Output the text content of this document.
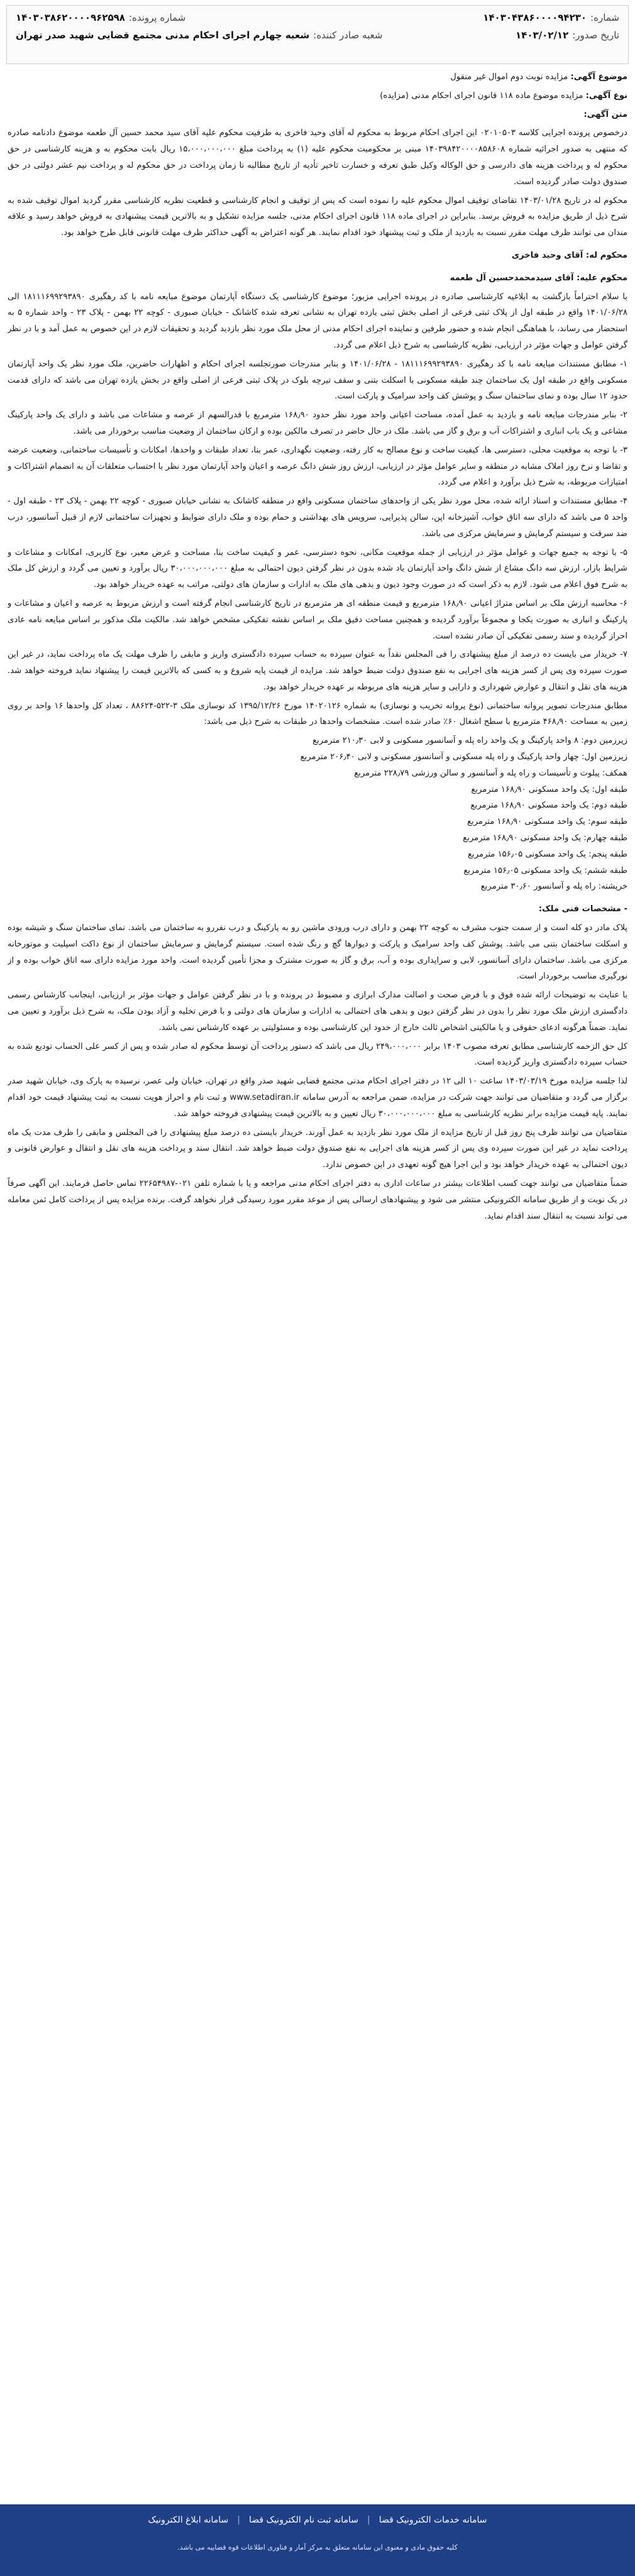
شماره:
۱۴۰۳۰۴۳۸۶۰۰۰۰۹۴۲۳۰
شماره پرونده:
۱۴۰۳۰۳۸۶۲۰۰۰۰۹۶۲۵۹۸
تاریخ صدور:
۱۴۰۳/۰۲/۱۲
شعبه صادر کننده:
شعبه چهارم اجرای احکام مدنی مجتمع قضایی شهید صدر تهران

موضوع آگهی: مزایده نوبت دوم اموال غیر منقول

نوع آگهی: مزایده موضوع ماده ۱۱۸ قانون اجرای احکام مدنی (مزایده)

متن آگهی:

درخصوص پرونده اجرایی کلاسه ۰۲۰۱۰۵۰۳ این اجرای احکام مربوط به محکوم له آقای وحید فاخری به طرفیت محکوم علیه آقای سید محمد حسین آل طعمه موضوع دادنامه صادره که منتهی به صدور اجرائیه شماره ۱۴۰۳۹۸۴۲۰۰۰۰۸۵۸۶۰۸ مبنی بر محکومیت محکوم علیه (۱) به پرداخت مبلغ ۱۵،۰۰۰،۰۰۰،۰۰۰ ریال بابت محکوم به و هزینه کارشناسی در حق محکوم له و پرداخت هزینه های دادرسی و حق الوکاله وکیل طبق تعرفه و خسارت تاخیر تأدیه از تاریخ مطالبه تا زمان پرداخت در حق محکوم له و پرداخت نیم عشر دولتی در حق صندوق دولت صادر گردیده است.

محکوم له در تاریخ ۱۴۰۳/۰۱/۲۸ تقاضای توقیف اموال محکوم علیه را نموده است که پس از توقیف و انجام کارشناسی و قطعیت نظریه کارشناسی مقرر گردید اموال توقیف شده به شرح ذیل از طریق مزایده به فروش برسد. بنابراین در اجرای ماده ۱۱۸ قانون اجرای احکام مدنی، جلسه مزایده تشکیل و به بالاترین قیمت پیشنهادی به فروش خواهد رسید و علاقه مندان می توانند ظرف مهلت مقرر نسبت به بازدید از ملک و ثبت پیشنهاد خود اقدام نمایند. هر گونه اعتراض به آگهی حداکثر ظرف مهلت قانونی قابل طرح خواهد بود.

محکوم له: آقای وحید فاخری

محکوم علیه: آقای سیدمحمدحسین آل طعمه

با سلام احتراماً بازگشت به ابلاغیه کارشناسی صادره در پرونده اجرایی مزبور؛ موضوع کارشناسی یک دستگاه آپارتمان موضوع مبایعه نامه با کد رهگیری ۱۸۱۱۱۶۹۹۲۹۳۸۹۰ الی ۱۴۰۱/۰۶/۲۸ واقع در طبقه اول از پلاک ثبتی فرعی از اصلی بخش ثبتی یازده تهران به نشانی تعرفه شده کاشانک - خیابان صبوری - کوچه ۲۲ بهمن - پلاک ۲۳ - واحد شماره ۵ به استحضار می رساند، با هماهنگی انجام شده و حضور طرفین و نماینده اجرای احکام مدنی از محل ملک مورد نظر بازدید گردید و تحقیقات لازم در این خصوص به عمل آمد و با در نظر گرفتن عوامل و جهات مؤثر در ارزیابی، نظریه کارشناسی به شرح ذیل اعلام می گردد.

۱- مطابق مستندات مبایعه نامه با کد رهگیری ۱۸۱۱۱۶۹۹۲۹۳۸۹۰ - ۱۴۰۱/۰۶/۲۸ و بنابر مندرجات صورتجلسه اجرای احکام و اظهارات حاضرین، ملک مورد نظر یک واحد آپارتمان مسکونی واقع در طبقه اول یک ساختمان چند طبقه مسکونی با اسکلت بتنی و سقف تیرچه بلوک در پلاک ثبتی فرعی از اصلی واقع در بخش یازده تهران می باشد که دارای قدمت حدود ۱۲ سال بوده و نمای ساختمان سنگ و پوشش کف واحد سرامیک و پارکت است.

۲- بنابر مندرجات مبایعه نامه و بازدید به عمل آمده، مساحت اعیانی واحد مورد نظر حدود ۱۶۸٫۹۰ مترمربع با قدرالسهم از عرصه و مشاعات می باشد و دارای یک واحد پارکینگ مشاعی و یک باب انباری و اشتراکات آب و برق و گاز می باشد. ملک در حال حاضر در تصرف مالکین بوده و ارکان ساختمان از وضعیت مناسب برخوردار می باشد.

۳- با توجه به موقعیت محلی، دسترسی ها، کیفیت ساخت و نوع مصالح به کار رفته، وضعیت نگهداری، عمر بنا، تعداد طبقات و واحدها، امکانات و تأسیسات ساختمانی، وضعیت عرضه و تقاضا و نرخ روز املاک مشابه در منطقه و سایر عوامل مؤثر در ارزیابی، ارزش روز شش دانگ عرصه و اعیان واحد آپارتمان مورد نظر با احتساب متعلقات آن به انضمام اشتراکات و امتیازات مربوطه، به شرح ذیل برآورد و اعلام می گردد.

۴- مطابق مستندات و اسناد ارائه شده، محل مورد نظر یکی از واحدهای ساختمان مسکونی واقع در منطقه کاشانک به نشانی خیابان صبوری - کوچه ۲۲ بهمن - پلاک ۲۳ - طبقه اول - واحد ۵ می باشد که دارای سه اتاق خواب، آشپزخانه اپن، سالن پذیرایی، سرویس های بهداشتی و حمام بوده و ملک دارای ضوابط و تجهیزات ساختمانی لازم از قبیل آسانسور، درب ضد سرقت و سیستم گرمایش و سرمایش مرکزی می باشد.

۵- با توجه به جمیع جهات و عوامل مؤثر در ارزیابی از جمله موقعیت مکانی، نحوه دسترسی، عمر و کیفیت ساخت بنا، مساحت و عرض معبر، نوع کاربری، امکانات و مشاعات و شرایط بازار، ارزش سه دانگ مشاع از شش دانگ واحد آپارتمان یاد شده بدون در نظر گرفتن دیون احتمالی به مبلغ ۳۰،۰۰۰،۰۰۰،۰۰۰ ریال برآورد و تعیین می گردد و ارزش کل ملک به شرح فوق اعلام می شود. لازم به ذکر است که در صورت وجود دیون و بدهی های ملک به ادارات و سازمان های دولتی، مراتب به عهده خریدار خواهد بود.

۶- محاسبه ارزش ملک بر اساس متراژ اعیانی ۱۶۸٫۹۰ مترمربع و قیمت منطقه ای هر مترمربع در تاریخ کارشناسی انجام گرفته است و ارزش مربوط به عرصه و اعیان و مشاعات و پارکینگ و انباری به صورت یکجا و مجموعاً برآورد گردیده و همچنین مساحت دقیق ملک بر اساس نقشه تفکیکی مشخص خواهد شد. مالکیت ملک مذکور بر اساس مبایعه نامه عادی احراز گردیده و سند رسمی تفکیکی آن صادر نشده است.

۷- خریدار می بایست ده درصد از مبلغ پیشنهادی را فی المجلس نقداً به عنوان سپرده به حساب سپرده دادگستری واریز و مابقی را ظرف مهلت یک ماه پرداخت نماید، در غیر این صورت سپرده وی پس از کسر هزینه های اجرایی به نفع صندوق دولت ضبط خواهد شد. مزایده از قیمت پایه شروع و به کسی که بالاترین قیمت را پیشنهاد نماید فروخته خواهد شد. هزینه های نقل و انتقال و عوارض شهرداری و دارایی و سایر هزینه های مربوطه بر عهده خریدار خواهد بود.

مطابق مندرجات تصویر پروانه ساختمانی (نوع پروانه تخریب و نوسازی) به شماره ۱۴۰۲۰۱۲۶ مورخ ۱۳۹۵/۱۲/۲۶ کد نوسازی ملک ۳-۵۲۲-۸۸۶۲۴ ، تعداد کل واحدها ۱۶ واحد بر روی زمین به مساحت ۴۶۸٫۹۰ مترمربع با سطح اشغال ۶۰٪ صادر شده است. مشخصات واحدها در طبقات به شرح ذیل می باشد:

زیرزمین دوم: ۸ واحد پارکینگ و یک واحد راه پله و آسانسور مسکونی و لابی ۲۱۰٫۳۰ مترمربع

زیرزمین اول: چهار واحد پارکینگ و راه پله مسکونی و آسانسور مسکونی و لابی ۲۰۶٫۴۰ مترمربع

همکف: پیلوت و تأسیسات و راه پله و آسانسور و سالن ورزشی ۲۲۸٫۷۹ مترمربع

طبقه اول: یک واحد مسکونی ۱۶۸٫۹۰ مترمربع

طبقه دوم: یک واحد مسکونی ۱۶۸٫۹۰ مترمربع

طبقه سوم: یک واحد مسکونی ۱۶۸٫۹۰ مترمربع

طبقه چهارم: یک واحد مسکونی ۱۶۸٫۹۰ مترمربع

طبقه پنجم: یک واحد مسکونی ۱۵۶٫۰۵ مترمربع

طبقه ششم: یک واحد مسکونی ۱۵۶٫۰۵ مترمربع

خرپشته: راه پله و آسانسور ۳۰٫۶۰ مترمربع

- مشخصات فنی ملک:

پلاک مادر دو کله است و از سمت جنوب مشرف به کوچه ۲۲ بهمن و دارای درب ورودی ماشین رو به پارکینگ و درب نفررو به ساختمان می باشد. نمای ساختمان سنگ و شیشه بوده و اسکلت ساختمان بتنی می باشد. پوشش کف واحد سرامیک و پارکت و دیوارها گچ و رنگ شده است. سیستم گرمایش و سرمایش ساختمان از نوع داکت اسپلیت و موتورخانه مرکزی می باشد. ساختمان دارای آسانسور، لابی و سرایداری بوده و آب، برق و گاز به صورت مشترک و مجزا تأمین گردیده است. واحد مورد مزایده دارای سه اتاق خواب بوده و از نورگیری مناسب برخوردار است.

با عنایت به توضیحات ارائه شده فوق و با فرض صحت و اصالت مدارک ابرازی و مضبوط در پرونده و با در نظر گرفتن عوامل و جهات مؤثر بر ارزیابی، اینجانب کارشناس رسمی دادگستری ارزش ملک مورد نظر را بدون در نظر گرفتن دیون و بدهی های احتمالی به ادارات و سازمان های دولتی و با فرض تخلیه و آزاد بودن ملک، به شرح ذیل برآورد و تعیین می نماید. ضمناً هرگونه ادعای حقوقی و یا مالکیتی اشخاص ثالث خارج از حدود این کارشناسی بوده و مسئولیتی بر عهده کارشناس نمی باشد.

کل حق الزحمه کارشناسی مطابق تعرفه مصوب ۱۴۰۳ برابر ۲۴۹،۰۰۰،۰۰۰ ریال می باشد که دستور پرداخت آن توسط محکوم له صادر شده و پس از کسر علی الحساب تودیع شده به حساب سپرده دادگستری واریز گردیده است.

لذا جلسه مزایده مورخ ۱۴۰۳/۰۳/۱۹ ساعت ۱۰ الی ۱۲ در دفتر اجرای احکام مدنی مجتمع قضایی شهید صدر واقع در تهران، خیابان ولی عصر، نرسیده به پارک وی، خیابان شهید صدر برگزار می گردد و متقاضیان می توانند جهت شرکت در مزایده، ضمن مراجعه به آدرس سامانه www.setadiran.ir و ثبت نام و احراز هویت نسبت به ثبت پیشنهاد قیمت خود اقدام نمایند. پایه قیمت مزایده برابر نظریه کارشناسی به مبلغ ۳۰،۰۰۰،۰۰۰،۰۰۰ ریال تعیین و به بالاترین قیمت پیشنهادی فروخته خواهد شد.

متقاضیان می توانند ظرف پنج روز قبل از تاریخ مزایده از ملک مورد نظر بازدید به عمل آورند. خریدار بایستی ده درصد مبلغ پیشنهادی را فی المجلس و مابقی را ظرف مدت یک ماه پرداخت نماید در غیر این صورت سپرده وی پس از کسر هزینه های اجرایی به نفع صندوق دولت ضبط خواهد شد. انتقال سند و پرداخت هزینه های نقل و انتقال و عوارض قانونی و دیون احتمالی به عهده خریدار خواهد بود و این اجرا هیچ گونه تعهدی در این خصوص ندارد.

ضمناً متقاضیان می توانند جهت کسب اطلاعات بیشتر در ساعات اداری به دفتر اجرای احکام مدنی مراجعه و یا با شماره تلفن ۰۲۱-۲۲۶۵۴۹۸۷ تماس حاصل فرمایند. این آگهی صرفاً در یک نوبت و از طریق سامانه الکترونیکی منتشر می شود و پیشنهادهای ارسالی پس از موعد مقرر مورد رسیدگی قرار نخواهد گرفت. برنده مزایده پس از پرداخت کامل ثمن معامله می تواند نسبت به انتقال سند اقدام نماید.

سامانه خدمات الکترونیک قضا
|
سامانه ثبت نام الکترونیک قضا
|
سامانه ابلاغ الکترونیک
کلیه حقوق مادی و معنوی این سامانه متعلق به مرکز آمار و فناوری اطلاعات قوه قضاییه می باشد.
